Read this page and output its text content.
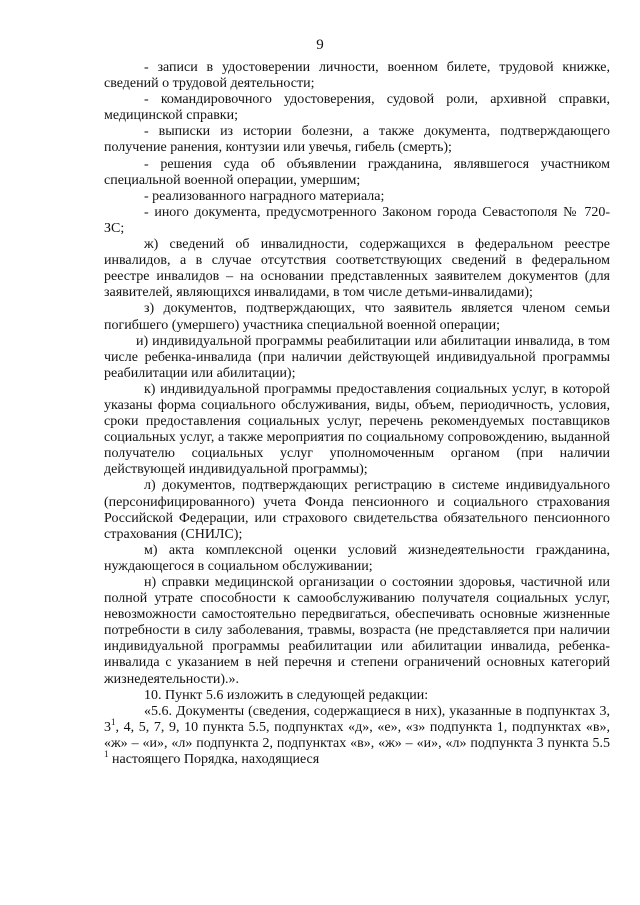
9

- записи в удостоверении личности, военном билете, трудовой книжке, сведений о трудовой деятельности;

- командировочного удостоверения, судовой роли, архивной справки, медицинской справки;

- выписки из истории болезни, а также документа, подтверждающего получение ранения, контузии или увечья, гибель (смерть);

- решения суда об объявлении гражданина, являвшегося участником специальной военной операции, умершим;

- реализованного наградного материала;

- иного документа, предусмотренного Законом города Севастополя № 720-ЗС;

ж) сведений об инвалидности, содержащихся в федеральном реестре инвалидов, а в случае отсутствия соответствующих сведений в федеральном реестре инвалидов – на основании представленных заявителем документов (для заявителей, являющихся инвалидами, в том числе детьми-инвалидами);

з) документов, подтверждающих, что заявитель является членом семьи погибшего (умершего) участника специальной военной операции;

и) индивидуальной программы реабилитации или абилитации инвалида, в том числе ребенка-инвалида (при наличии действующей индивидуальной программы реабилитации или абилитации);

к) индивидуальной программы предоставления социальных услуг, в которой указаны форма социального обслуживания, виды, объем, периодичность, условия, сроки предоставления социальных услуг, перечень рекомендуемых поставщиков социальных услуг, а также мероприятия по социальному сопровождению, выданной получателю социальных услуг уполномоченным органом (при наличии действующей индивидуальной программы);

л) документов, подтверждающих регистрацию в системе индивидуального (персонифицированного) учета Фонда пенсионного и социального страхования Российской Федерации, или страхового свидетельства обязательного пенсионного страхования (СНИЛС);

м) акта комплексной оценки условий жизнедеятельности гражданина, нуждающегося в социальном обслуживании;

н) справки медицинской организации о состоянии здоровья, частичной или полной утрате способности к самообслуживанию получателя социальных услуг, невозможности самостоятельно передвигаться, обеспечивать основные жизненные потребности в силу заболевания, травмы, возраста (не представляется при наличии индивидуальной программы реабилитации или абилитации инвалида, ребенка-инвалида с указанием в ней перечня и степени ограничений основных категорий жизнедеятельности).».

10. Пункт 5.6 изложить в следующей редакции:

«5.6. Документы (сведения, содержащиеся в них), указанные в подпунктах 3, $3^1$, 4, 5, 7, 9, 10 пункта 5.5, подпунктах «д», «е», «з» подпункта 1, подпунктах «в», «ж» – «и», «л» подпункта 2, подпунктах «в», «ж» – «и», «л» подпункта 3 пункта 5.5 $^1$ настоящего Порядка, находящиеся
